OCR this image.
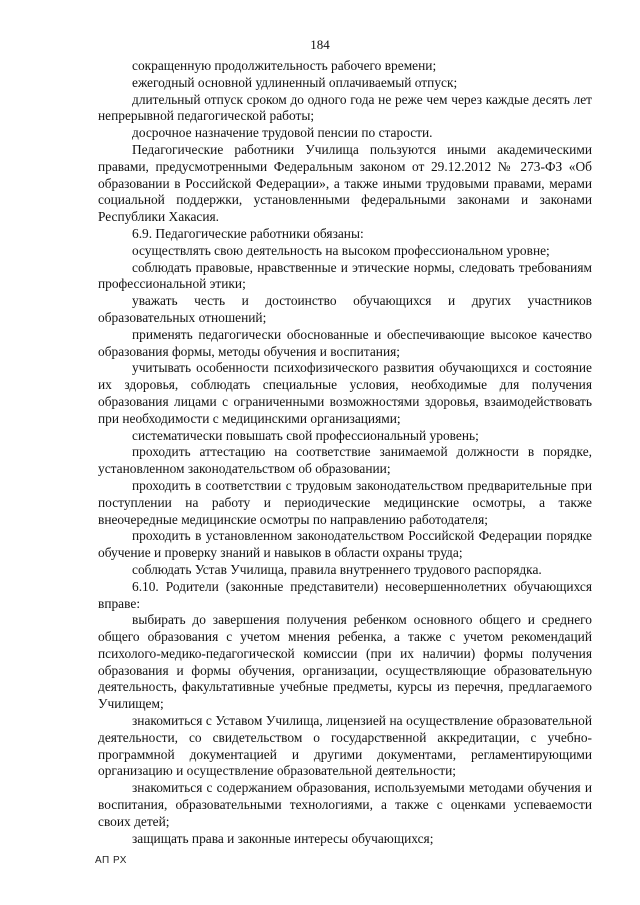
184

сокращенную продолжительность рабочего времени;

ежегодный основной удлиненный оплачиваемый отпуск;

длительный отпуск сроком до одного года не реже чем через каждые десять лет непрерывной педагогической работы;

досрочное назначение трудовой пенсии по старости.

Педагогические работники Училища пользуются иными академическими правами, предусмотренными Федеральным законом от 29.12.2012 № 273-ФЗ «Об образовании в Российской Федерации», а также иными трудовыми правами, мерами социальной поддержки, установленными федеральными законами и законами Республики Хакасия.

6.9. Педагогические работники обязаны:

осуществлять свою деятельность на высоком профессиональном уровне;

соблюдать правовые, нравственные и этические нормы, следовать требованиям профессиональной этики;

уважать честь и достоинство обучающихся и других участников образовательных отношений;

применять педагогически обоснованные и обеспечивающие высокое качество образования формы, методы обучения и воспитания;

учитывать особенности психофизического развития обучающихся и состояние их здоровья, соблюдать специальные условия, необходимые для получения образования лицами с ограниченными возможностями здоровья, взаимодействовать при необходимости с медицинскими организациями;

систематически повышать свой профессиональный уровень;

проходить аттестацию на соответствие занимаемой должности в порядке, установленном законодательством об образовании;

проходить в соответствии с трудовым законодательством предварительные при поступлении на работу и периодические медицинские осмотры, а также внеочередные медицинские осмотры по направлению работодателя;

проходить в установленном законодательством Российской Федерации порядке обучение и проверку знаний и навыков в области охраны труда;

соблюдать Устав Училища, правила внутреннего трудового распорядка.

6.10. Родители (законные представители) несовершеннолетних обучающихся вправе:

выбирать до завершения получения ребенком основного общего и среднего общего образования с учетом мнения ребенка, а также с учетом рекомендаций психолого-медико-педагогической комиссии (при их наличии) формы получения образования и формы обучения, организации, осуществляющие образовательную деятельность, факультативные учебные предметы, курсы из перечня, предлагаемого Училищем;

знакомиться с Уставом Училища, лицензией на осуществление образовательной деятельности, со свидетельством о государственной аккредитации, с учебно-программной документацией и другими документами, регламентирующими организацию и осуществление образовательной деятельности;

знакомиться с содержанием образования, используемыми методами обучения и воспитания, образовательными технологиями, а также с оценками успеваемости своих детей;

защищать права и законные интересы обучающихся;

АП РХ
